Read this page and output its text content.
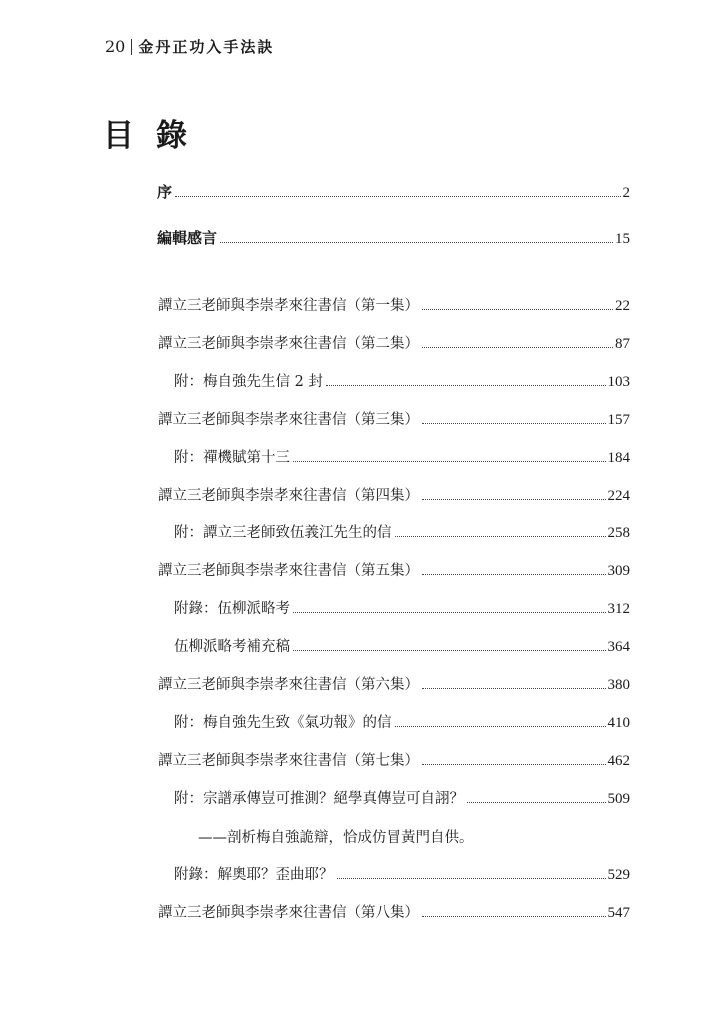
20 金丹正功入手法訣
目錄
序	2
編輯感言	15
譚立三老師與李崇孝來往書信（第一集）	22
譚立三老師與李崇孝來往書信（第二集）	87
附：梅自強先生信 2 封	103
譚立三老師與李崇孝來往書信（第三集）	157
附：禪機賦第十三	184
譚立三老師與李崇孝來往書信（第四集）	224
附：譚立三老師致伍義江先生的信	258
譚立三老師與李崇孝來往書信（第五集）	309
附錄：伍柳派略考	312
伍柳派略考補充稿	364
譚立三老師與李崇孝來往書信（第六集）	380
附：梅自強先生致《氣功報》的信	410
譚立三老師與李崇孝來往書信（第七集）	462
附：宗譜承傳豈可推測？絕學真傳豈可自詡？	509
——剖析梅自強詭辯，恰成仿冒黃門自供。
附錄：解奧耶？歪曲耶？	529
譚立三老師與李崇孝來往書信（第八集）	547
